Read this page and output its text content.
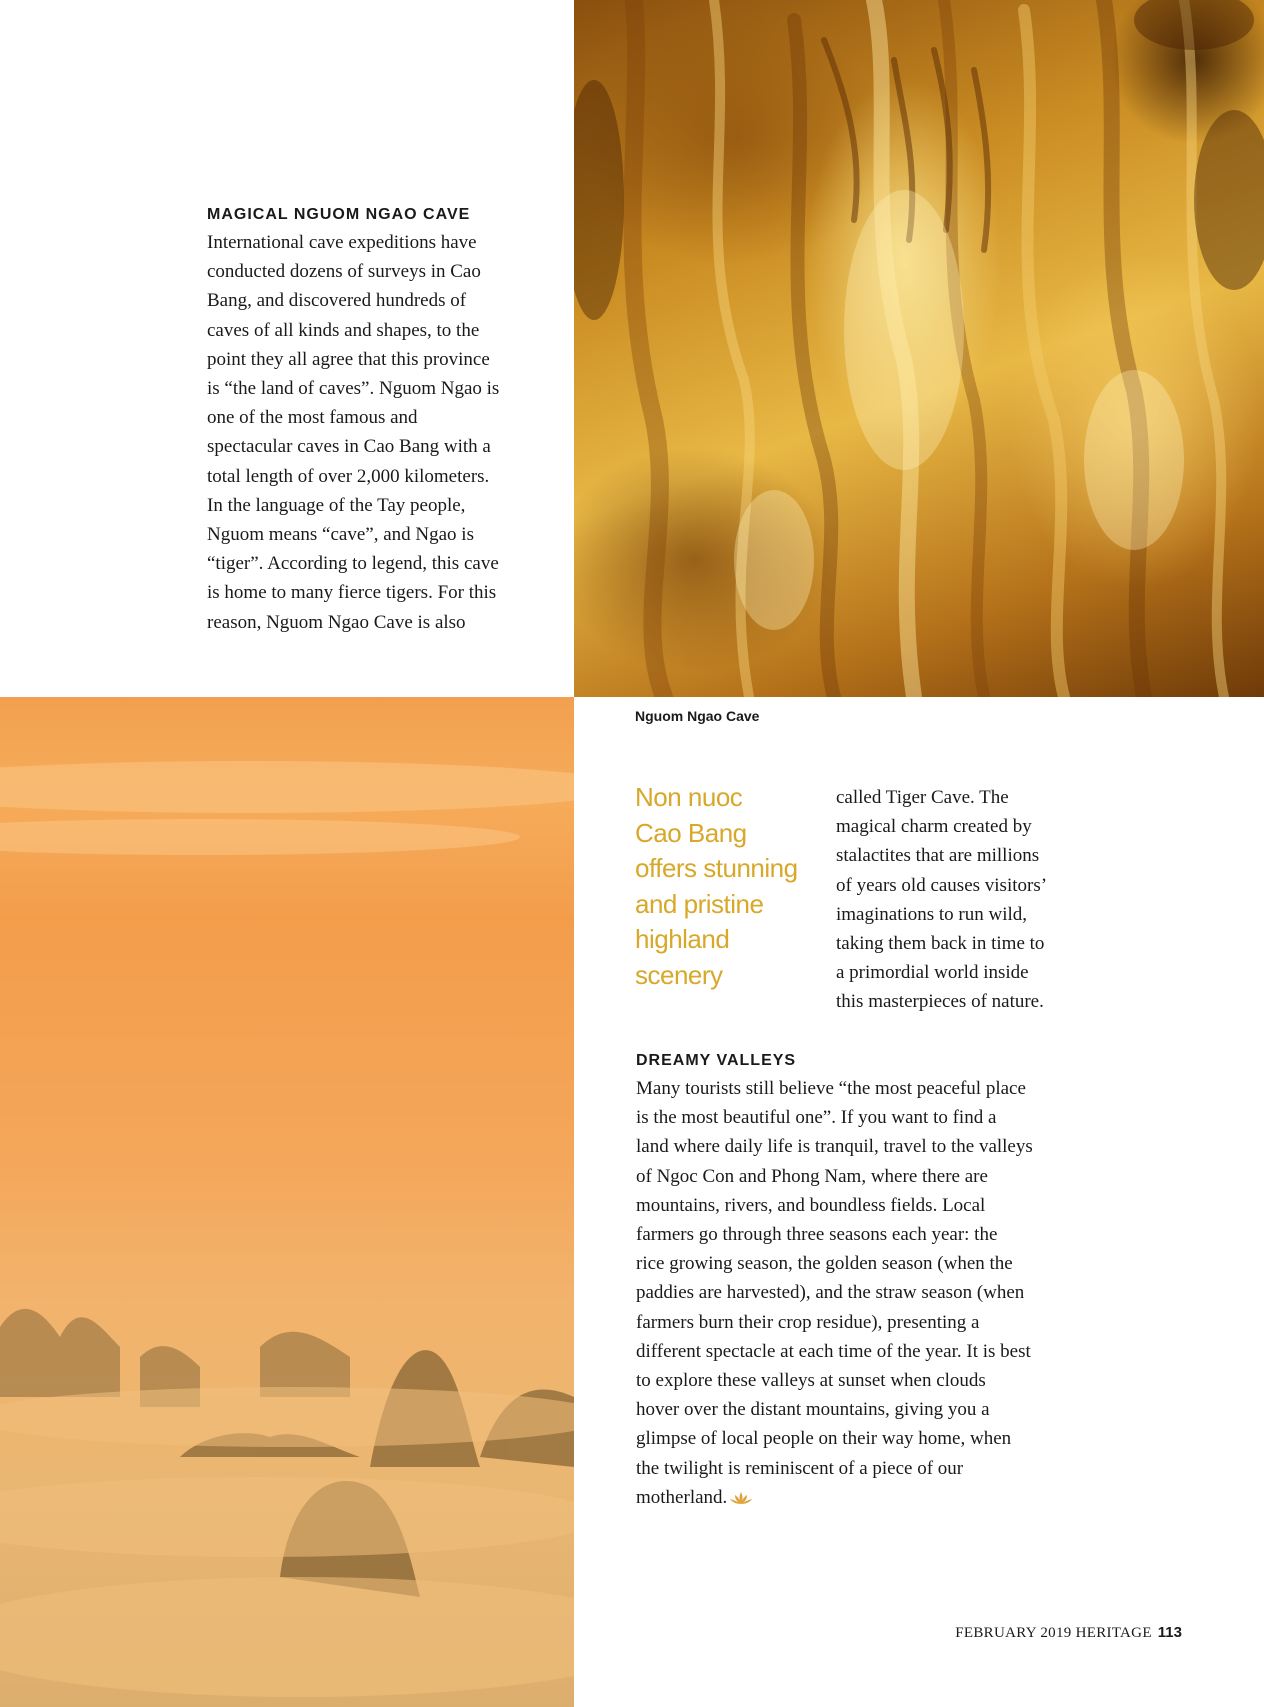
MAGICAL NGUOM NGAO CAVE

International cave expeditions have
conducted dozens of surveys in Cao
Bang, and discovered hundreds of
caves of all kinds and shapes, to the
point they all agree that this province
is “the land of caves”. Nguom Ngao is
one of the most famous and
spectacular caves in Cao Bang with a
total length of over 2,000 kilometers.
In the language of the Tay people,
Nguom means “cave”, and Ngao is
“tiger”. According to legend, this cave
is home to many fierce tigers. For this
reason, Nguom Ngao Cave is also

Nguom Ngao Cave
Non nuoc
Cao Bang
offers stunning
and pristine
highland
scenery

called Tiger Cave. The
magical charm created by
stalactites that are millions
of years old causes visitors’
imaginations to run wild,
taking them back in time to
a primordial world inside
this masterpieces of nature.

DREAMY VALLEYS

Many tourists still believe “the most peaceful place
is the most beautiful one”. If you want to find a
land where daily life is tranquil, travel to the valleys
of Ngoc Con and Phong Nam, where there are
mountains, rivers, and boundless fields. Local
farmers go through three seasons each year: the
rice growing season, the golden season (when the
paddies are harvested), and the straw season (when
farmers burn their crop residue), presenting a
different spectacle at each time of the year. It is best
to explore these valleys at sunset when clouds
hover over the distant mountains, giving you a
glimpse of local people on their way home, when
the twilight is reminiscent of a piece of our
motherland.

FEBRUARY 2019 HERITAGE 113
